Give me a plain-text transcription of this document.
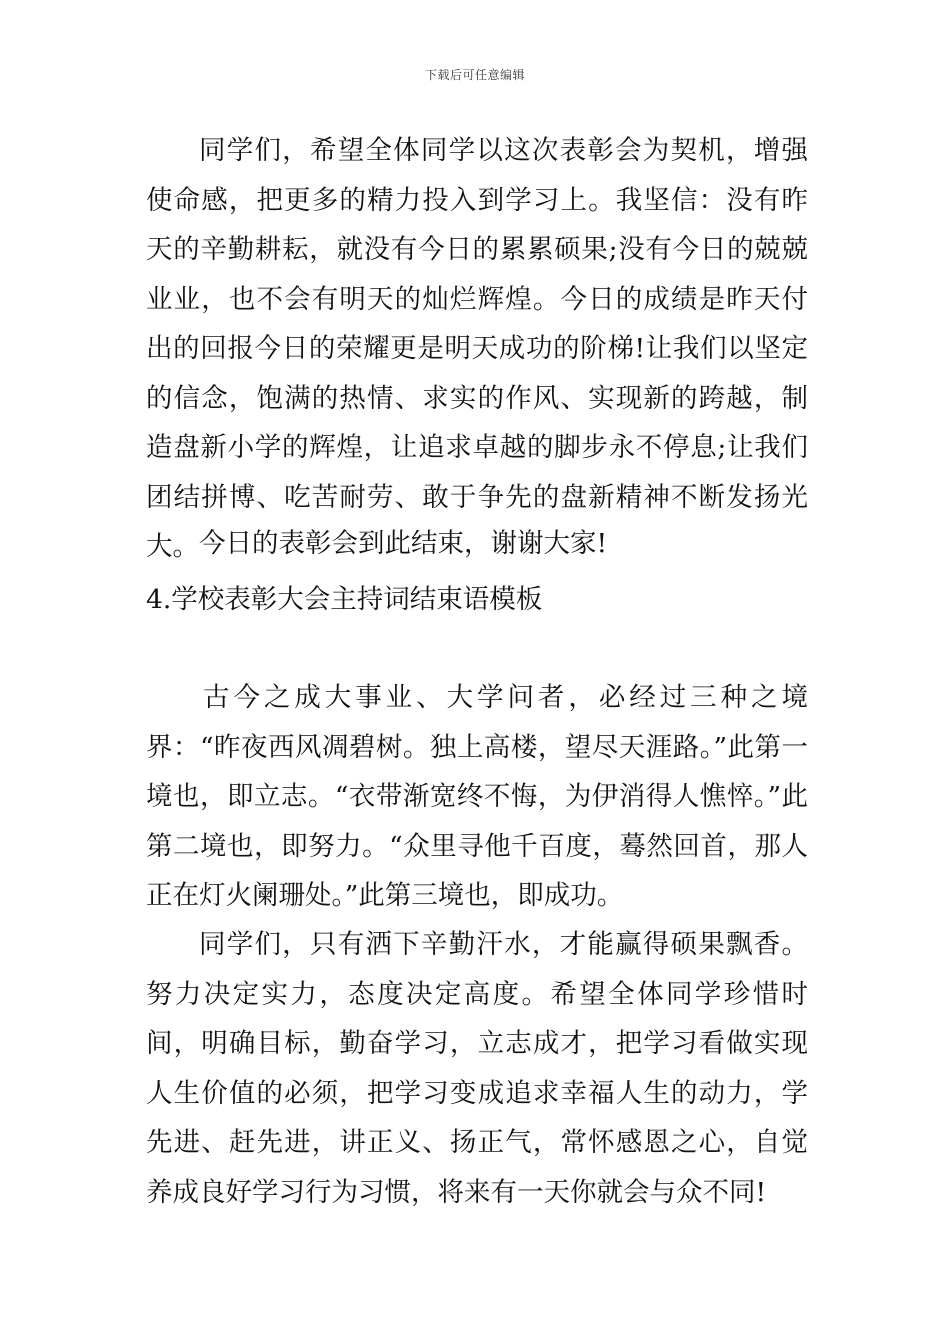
下载后可任意编辑

同学们，希望全体同学以这次表彰会为契机，增强使命感，把更多的精力投入到学习上。我坚信：没有昨天的辛勤耕耘，就没有今日的累累硕果;没有今日的兢兢业业，也不会有明天的灿烂辉煌。今日的成绩是昨天付出的回报今日的荣耀更是明天成功的阶梯!让我们以坚定的信念，饱满的热情、求实的作风、实现新的跨越，制造盘新小学的辉煌，让追求卓越的脚步永不停息;让我们团结拼博、吃苦耐劳、敢于争先的盘新精神不断发扬光大。 今日的表彰会到此结束，谢谢大家!

4.学校表彰大会主持词结束语模板

古今之成大事业、大学问者，必经过三种之境界：“昨夜西风凋碧树。独上高楼，望尽天涯路。”此第一境也，即立志。“衣带渐宽终不悔，为伊消得人憔悴。”此第二境也，即努力。“众里寻他千百度，蓦然回首，那人正在灯火阑珊处。”此第三境也，即成功。

同学们，只有洒下辛勤汗水，才能赢得硕果飘香。努力决定实力，态度决定高度。希望全体同学珍惜时间，明确目标，勤奋学习，立志成才，把学习看做实现人生价值的必须，把学习变成追求幸福人生的动力，学先进、赶先进，讲正义、扬正气，常怀感恩之心，自觉养成良好学习行为习惯，将来有一天你就会与众不同!
